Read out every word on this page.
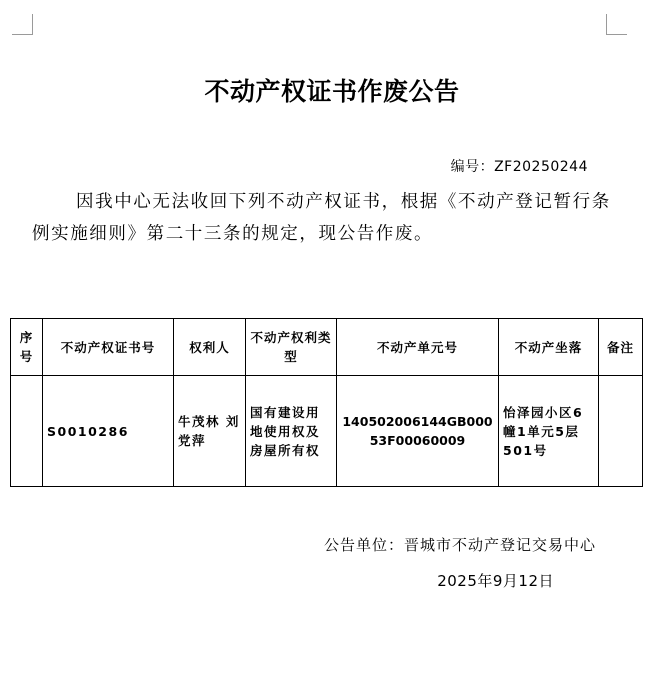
不动产权证书作废公告
编号：ZF20250244
因我中心无法收回下列不动产权证书，根据《不动产登记暂行条例实施细则》第二十三条的规定，现公告作废。
序号	不动产权证书号	权利人	不动产权利类型	不动产单元号	不动产坐落	备注
	S0010286	牛茂林 刘党萍	国有建设用地使用权及房屋所有权	140502006144GB00053F00060009	怡泽园小区6幢1单元5层501号	
公告单位：晋城市不动产登记交易中心
2025年9月12日
